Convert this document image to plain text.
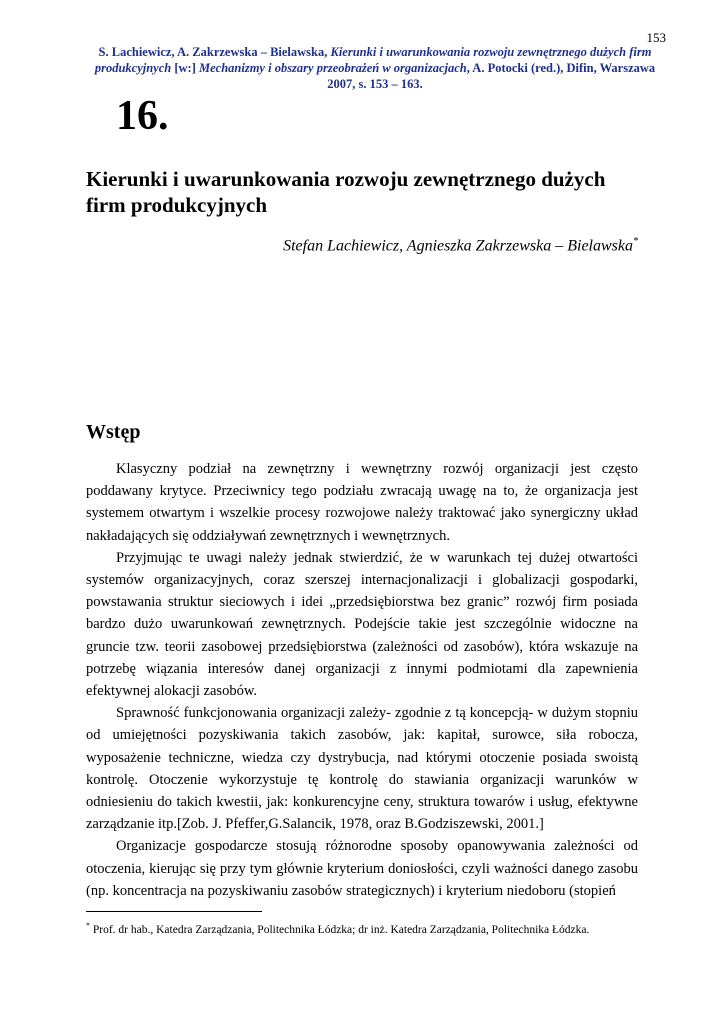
153
S. Lachiewicz, A. Zakrzewska – Bielawska, Kierunki i uwarunkowania rozwoju zewnętrznego dużych firm produkcyjnych [w:] Mechanizmy i obszary przeobrażeń w organizacjach, A. Potocki (red.), Difin, Warszawa 2007, s. 153 – 163.
16.
Kierunki i uwarunkowania rozwoju zewnętrznego dużych firm produkcyjnych
Stefan Lachiewicz, Agnieszka Zakrzewska – Bielawska*
Wstęp

Klasyczny podział na zewnętrzny i wewnętrzny rozwój organizacji jest często poddawany krytyce. Przeciwnicy tego podziału zwracają uwagę na to, że organizacja jest systemem otwartym i wszelkie procesy rozwojowe należy traktować jako synergiczny układ nakładających się oddziaływań zewnętrznych i wewnętrznych.

Przyjmując te uwagi należy jednak stwierdzić, że w warunkach tej dużej otwartości systemów organizacyjnych, coraz szerszej internacjonalizacji i globalizacji gospodarki, powstawania struktur sieciowych i idei „przedsiębiorstwa bez granic” rozwój firm posiada bardzo dużo uwarunkowań zewnętrznych. Podejście takie jest szczególnie widoczne na gruncie tzw. teorii zasobowej przedsiębiorstwa (zależności od zasobów), która wskazuje na potrzebę wiązania interesów danej organizacji z innymi podmiotami dla zapewnienia efektywnej alokacji zasobów.

Sprawność funkcjonowania organizacji zależy- zgodnie z tą koncepcją- w dużym stopniu od umiejętności pozyskiwania takich zasobów, jak: kapitał, surowce, siła robocza, wyposażenie techniczne, wiedza czy dystrybucja, nad którymi otoczenie posiada swoistą kontrolę. Otoczenie wykorzystuje tę kontrolę do stawiania organizacji warunków w odniesieniu do takich kwestii, jak: konkurencyjne ceny, struktura towarów i usług, efektywne zarządzanie itp.[Zob. J. Pfeffer,G.Salancik, 1978, oraz B.Godziszewski, 2001.]

Organizacje gospodarcze stosują różnorodne sposoby opanowywania zależności od otoczenia, kierując się przy tym głównie kryterium doniosłości, czyli ważności danego zasobu (np. koncentracja na pozyskiwaniu zasobów strategicznych) i kryterium niedoboru (stopień

* Prof. dr hab., Katedra Zarządzania, Politechnika Łódzka; dr inż. Katedra Zarządzania, Politechnika Łódzka.
